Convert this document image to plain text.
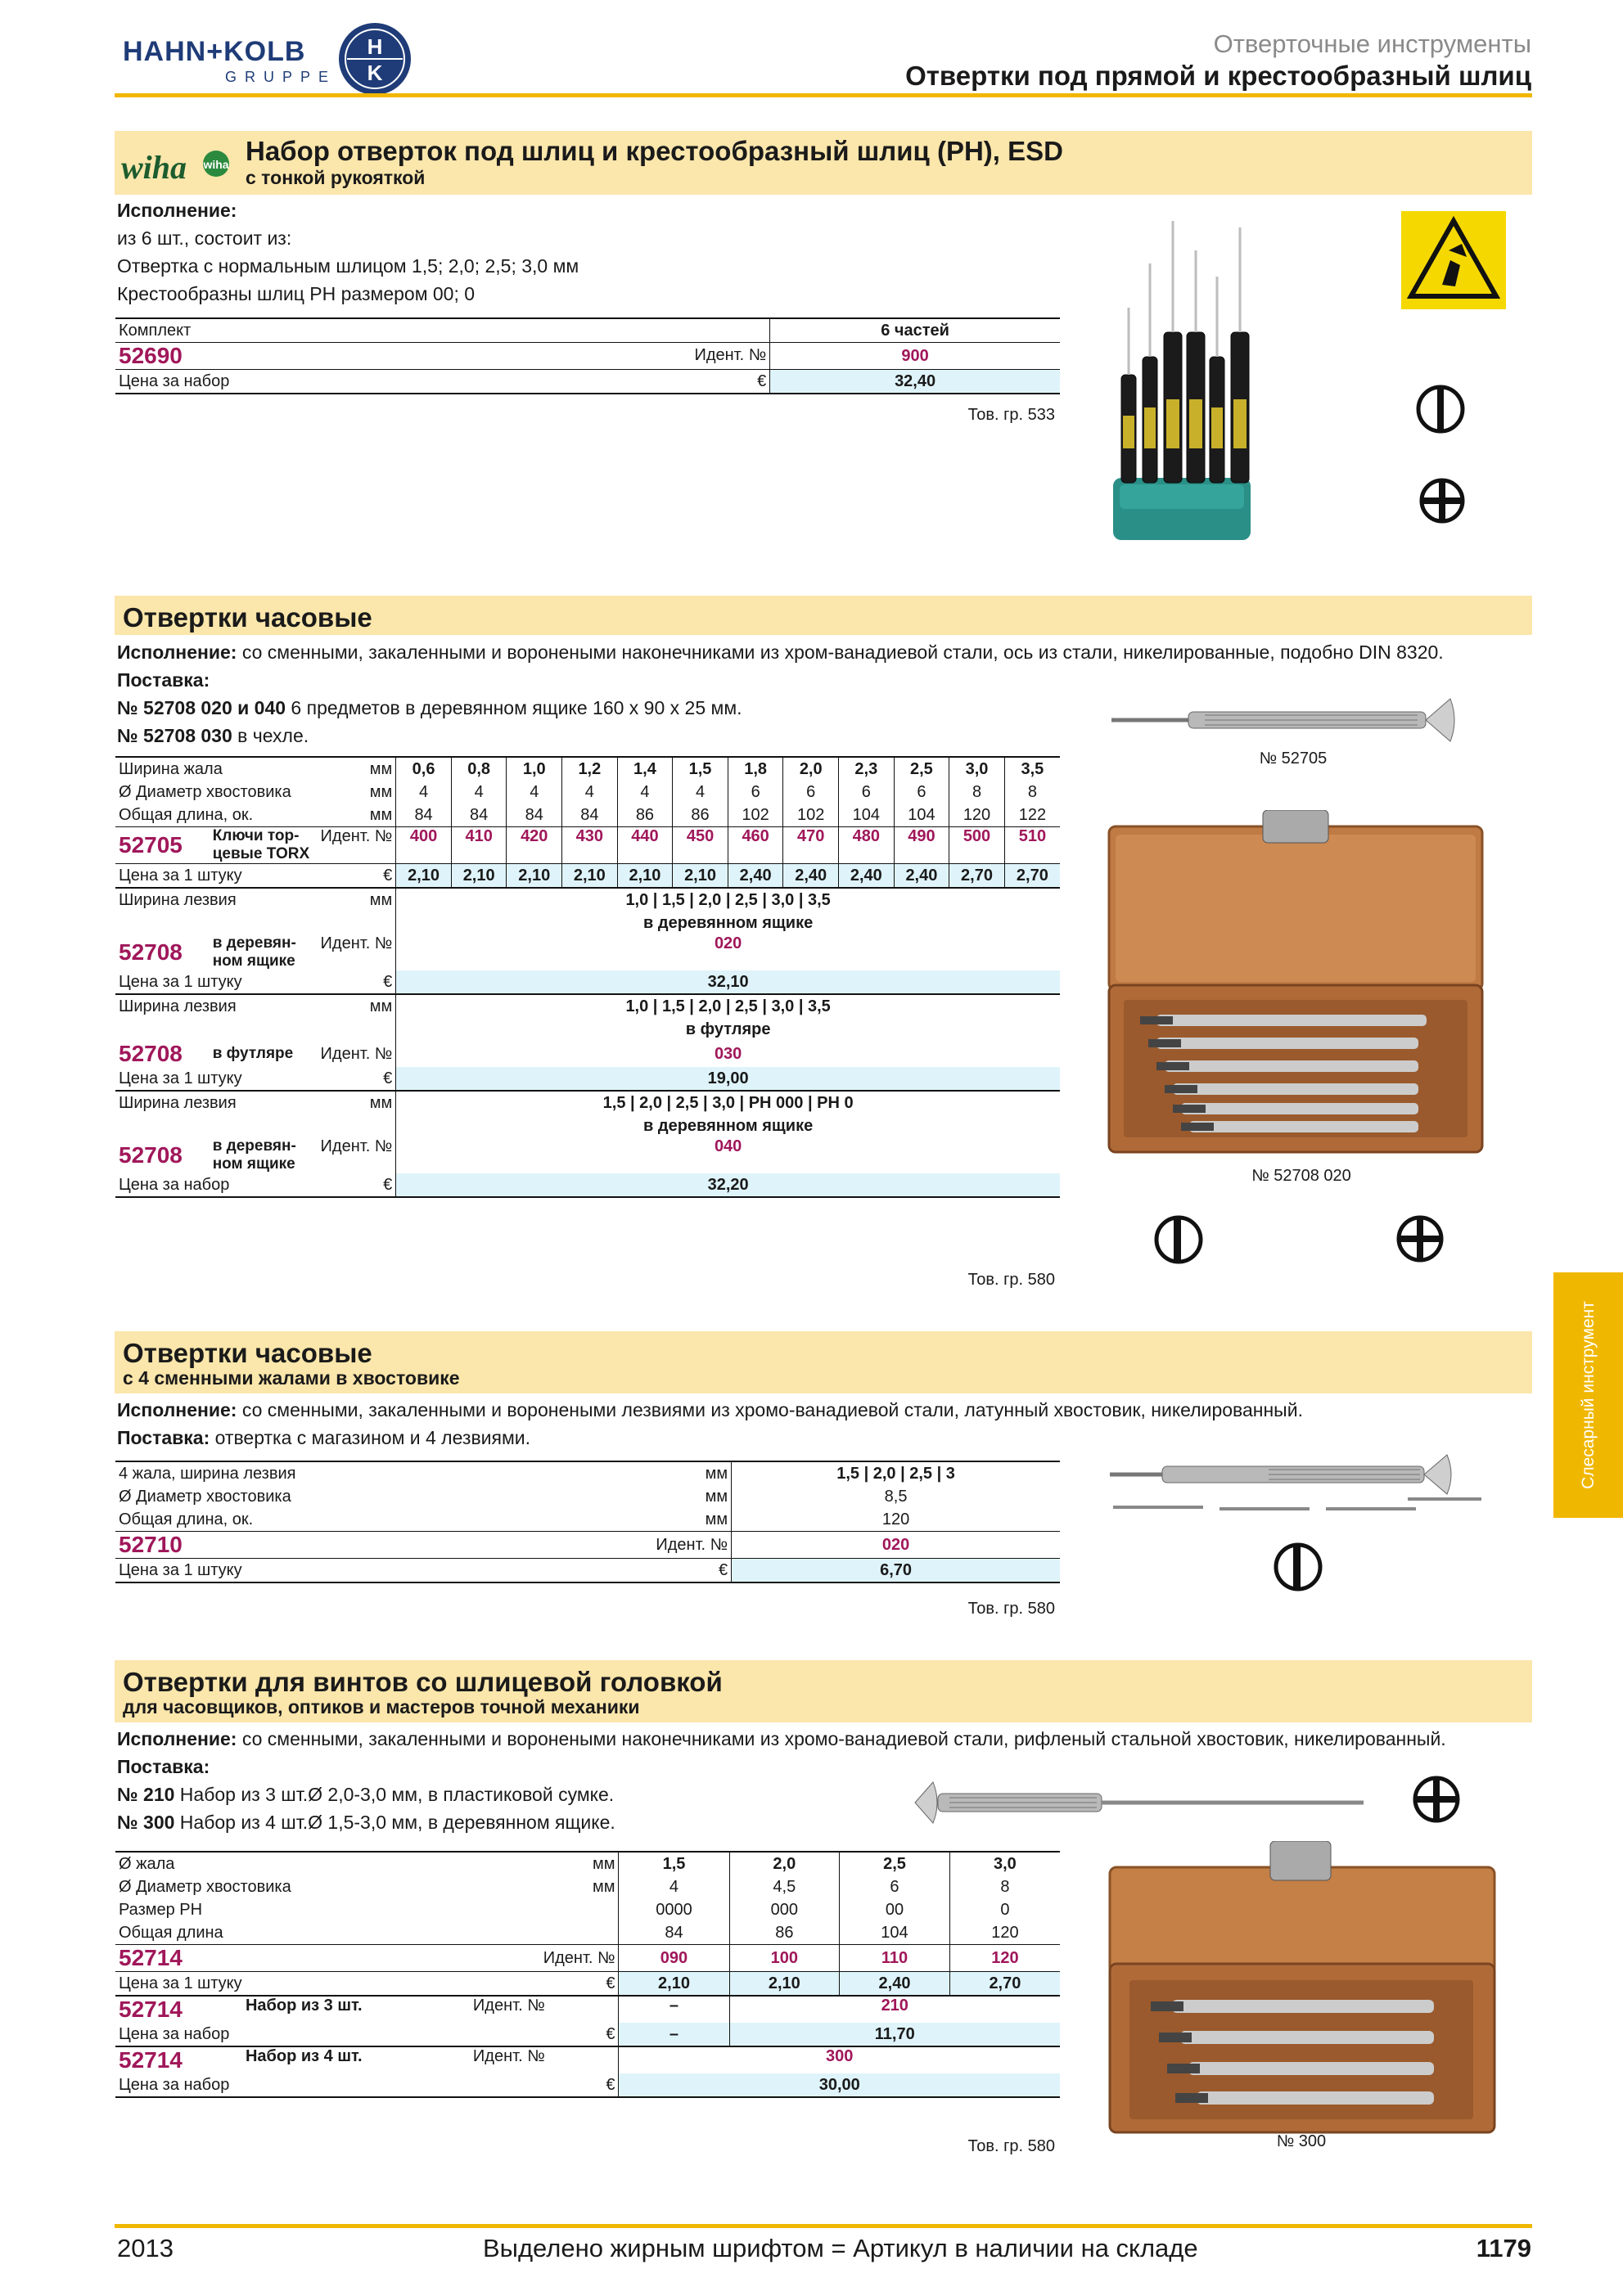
HAHN+KOLB
GRUPPE
H
K
Отверточные инструменты
Отвертки под прямой и крестообразный шлиц
Слесарный инструмент
wiha wiha Набор отверток под шлиц и крестообразный шлиц (PH), ESD
с тонкой рукояткой
Исполнение:
из 6 шт., состоит из:
Отвертка с нормальным шлицом 1,5; 2,0; 2,5; 3,0 мм
Крестообразны шлиц PH размером 00; 0
Комплект	6 частей
52690 Идент. №	900
Цена за набор €	32,40
Тов. гр. 533
Отвертки часовые
Исполнение: со сменными, закаленными и воронеными наконечниками из хром-ванадиевой стали, ось из стали, никелированные, подобно DIN 8320.
Поставка:
№ 52708 020 и 040 6 предметов в деревянном ящике 160 x 90 x 25 мм.
№ 52708 030 в чехле.
Ширина жала		мм	0,6	0,8	1,0	1,2	1,4	1,5	1,8	2,0	2,3	2,5	3,0	3,5
Ø Диаметр хвостовика		мм	4	4	4	4	4	4	6	6	6	6	8	8
Общая длина, ок.		мм	84	84	84	84	86	86	102	102	104	104	120	122
52705	Ключи тор-
цевые TORX	Идент. №	400	410	420	430	440	450	460	470	480	490	500	510
Цена за 1 штуку		€	2,10	2,10	2,10	2,10	2,10	2,10	2,40	2,40	2,40	2,40	2,70	2,70
Ширина лезвия		мм	1,0 | 1,5 | 2,0 | 2,5 | 3,0 | 3,5											
			в деревянном ящике											
52708	в деревян-
ном ящике	Идент. №	020											
Цена за 1 штуку		€	32,10											
Ширина лезвия		мм	1,0 | 1,5 | 2,0 | 2,5 | 3,0 | 3,5											
			в футляре											
52708	в футляре	Идент. №	030											
Цена за 1 штуку		€	19,00											
Ширина лезвия		мм	1,5 | 2,0 | 2,5 | 3,0 | PH 000 | PH 0											
			в деревянном ящике											
52708	в деревян-
ном ящике	Идент. №	040											
Цена за набор		€	32,20											
Тов. гр. 580
№ 52705
№ 52708 020
Отвертки часовые
с 4 сменными жалами в хвостовике
Исполнение: со сменными, закаленными и воронеными лезвиями из хромо-ванадиевой стали, латунный хвостовик, никелированный.
Поставка: отвертка с магазином и 4 лезвиями.
4 жала, ширина лезвия	мм	1,5 | 2,0 | 2,5 | 3
Ø Диаметр хвостовика	мм	8,5
Общая длина, ок.	мм	120
52710	Идент. №	020
Цена за 1 штуку	€	6,70
Тов. гр. 580
Отвертки для винтов со шлицевой головкой
для часовщиков, оптиков и мастеров точной механики
Исполнение: со сменными, закаленными и воронеными наконечниками из хромо-ванадиевой стали, рифленый стальной хвостовик, никелированный.
Поставка:
№ 210 Набор из 3 шт.Ø 2,0-3,0 мм, в пластиковой сумке.
№ 300 Набор из 4 шт.Ø 1,5-3,0 мм, в деревянном ящике.
Ø жала		мм	1,5	2,0	2,5	3,0
Ø Диаметр хвостовика		мм	4	4,5	6	8
Размер PH			0000	000	00	0
Общая длина			84	86	104	120
52714	Идент. №		090	100	110	120
Цена за 1 штуку		€	2,10	2,10	2,40	2,70
52714	Набор из 3 шт. Идент. №		–	210		
Цена за набор		€	–	11,70		
52714	Набор из 4 шт. Идент. №		300			
Цена за набор		€	30,00			
Тов. гр. 580	№ 300
2013	Выделено жирным шрифтом = Артикул в наличии на складе	1179
